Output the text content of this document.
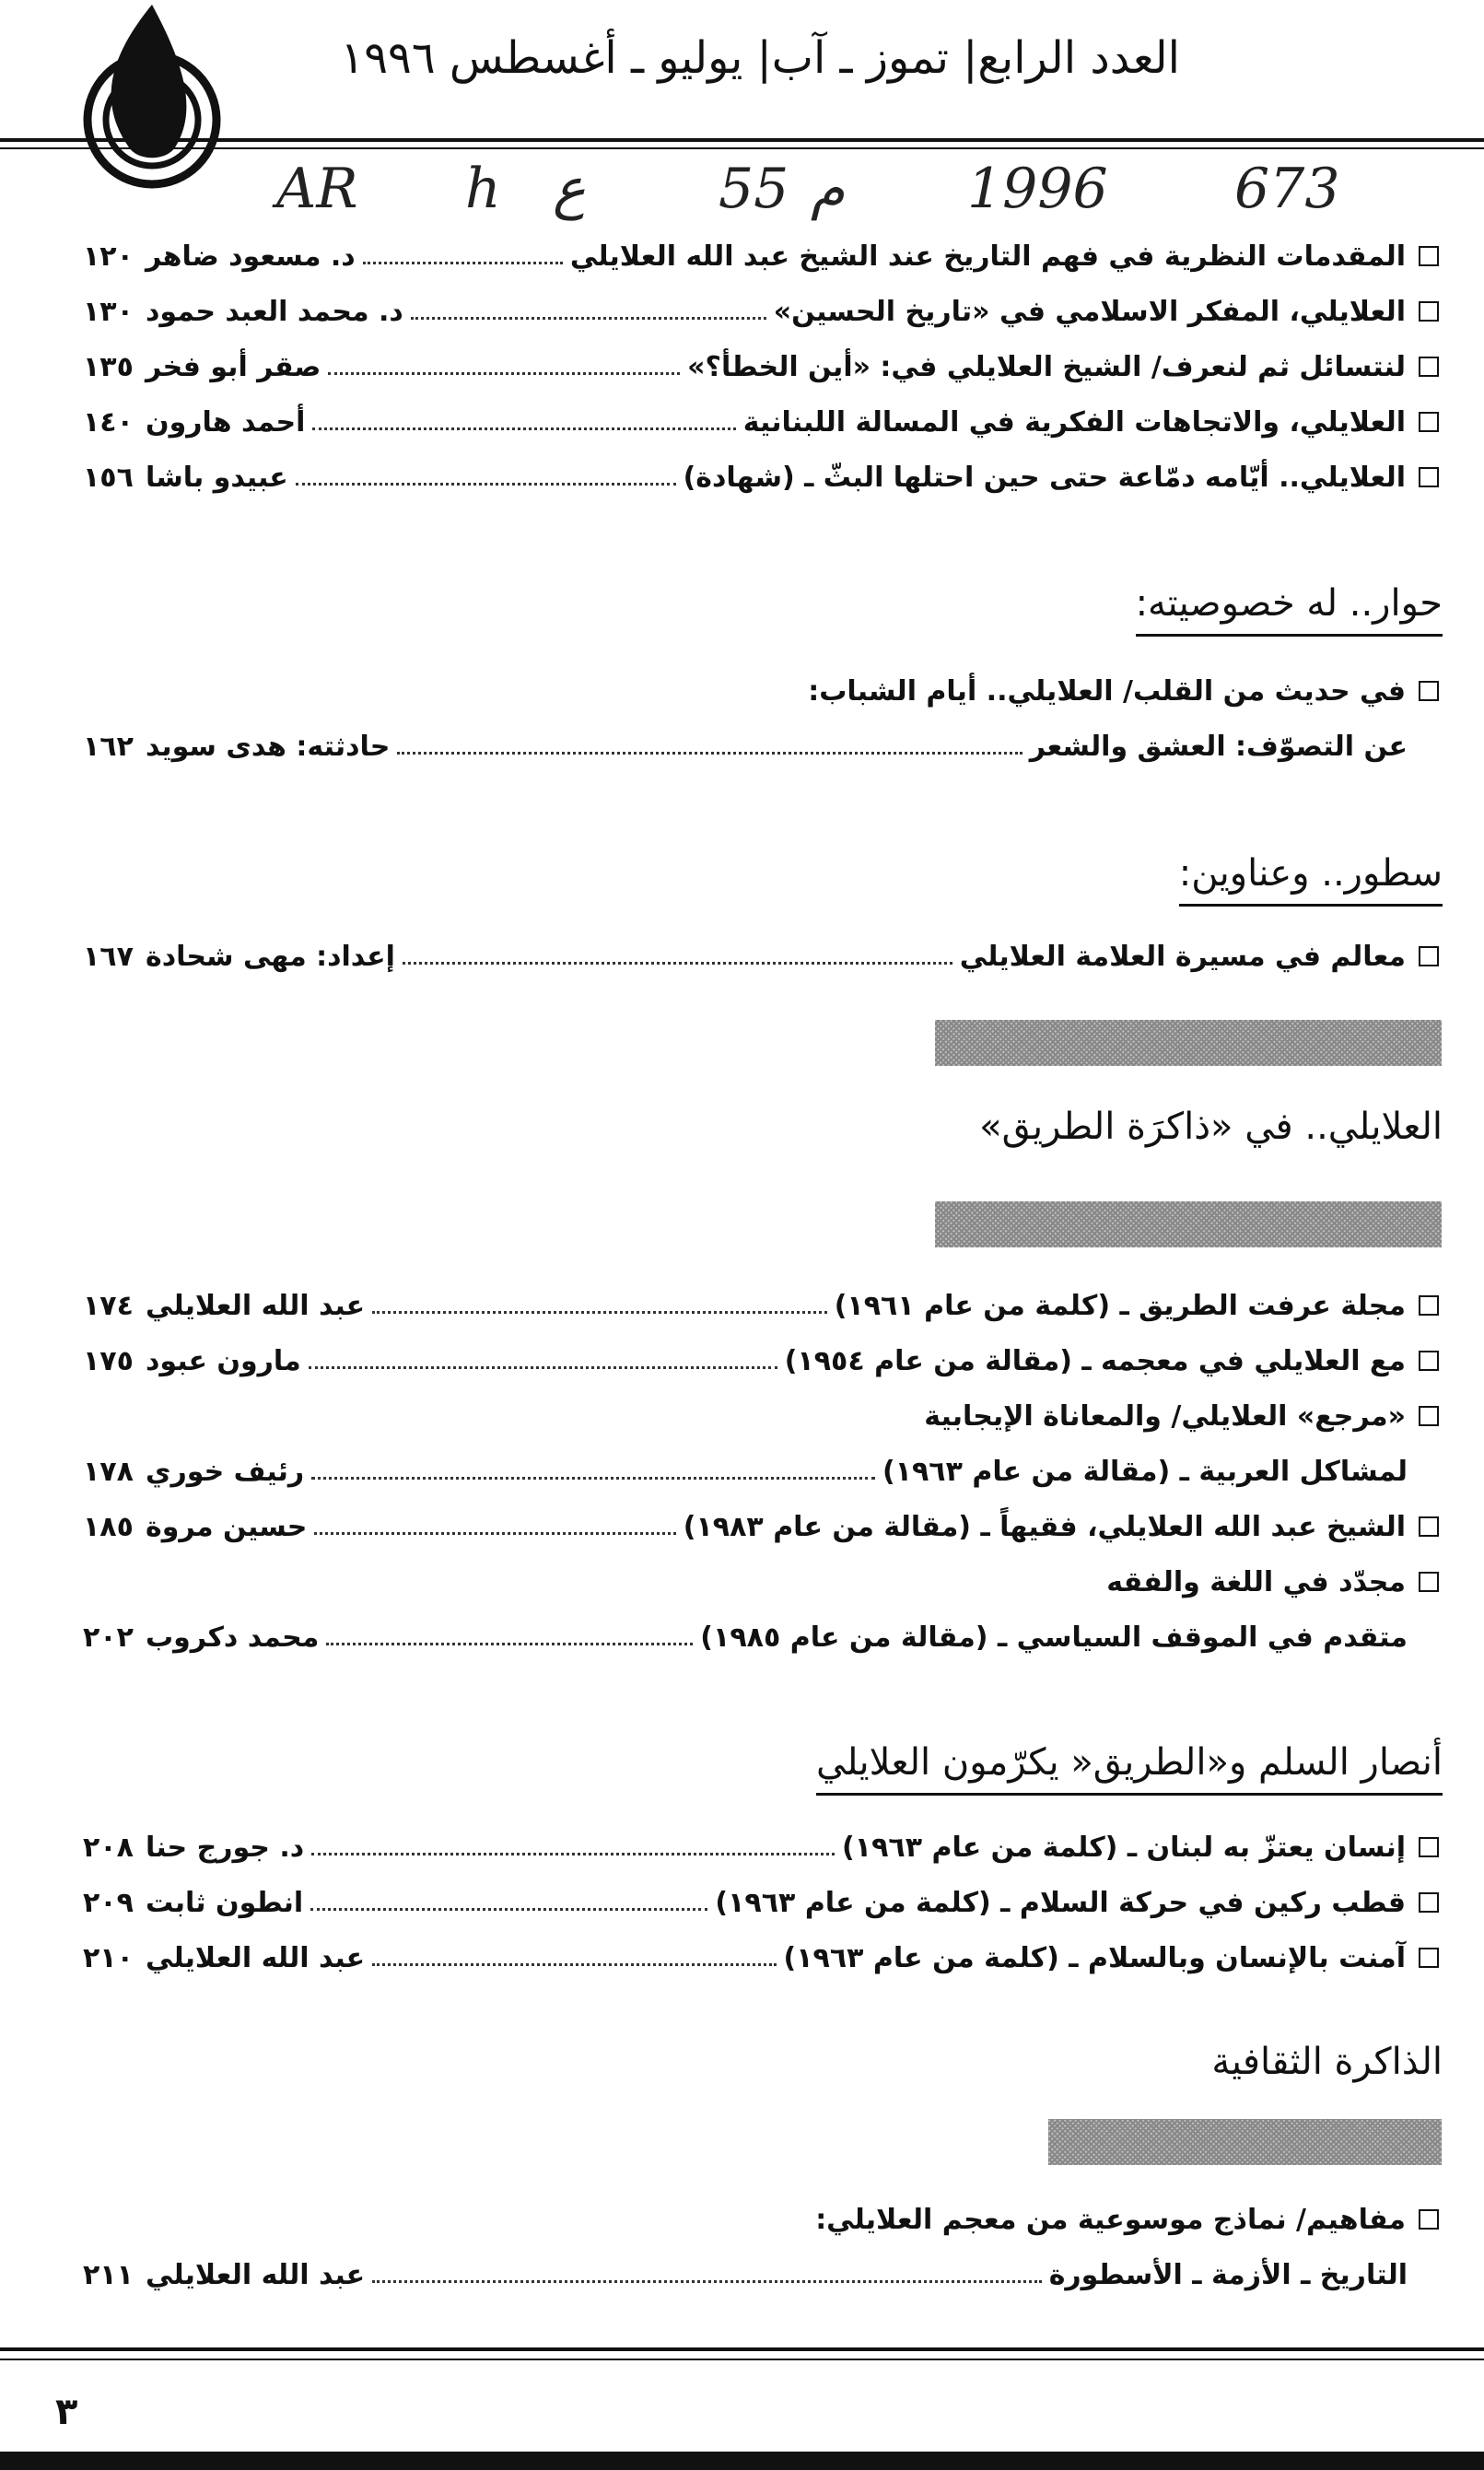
العدد الرابع| تموز ـ آب| يوليو ـ أغسطس ١٩٩٦
AR h ع 55 م 1996 673
المقدمات النظرية في فهم التاريخ عند الشيخ عبد الله العلايلي
د. مسعود ضاهر
١٢٠
العلايلي، المفكر الاسلامي في «تاريخ الحسين»
د. محمد العبد حمود
١٣٠
لنتسائل ثم لنعرف/ الشيخ العلايلي في: «أين الخطأ؟»
صقر أبو فخر
١٣٥
العلايلي، والاتجاهات الفكرية في المسالة اللبنانية
أحمد هارون
١٤٠
العلايلي.. أيّامه دمّاعة حتى حين احتلها البثّ ـ (شهادة)
عبيدو باشا
١٥٦
حوار.. له خصوصيته:
في حديث من القلب/ العلايلي.. أيام الشباب:
عن التصوّف: العشق والشعر
حادثته: هدى سويد
١٦٢
سطور.. وعناوين:
معالم في مسيرة العلامة العلايلي
إعداد: مهى شحادة
١٦٧
العلايلي.. في «ذاكرَة الطريق»
مجلة عرفت الطريق ـ (كلمة من عام ١٩٦١)
عبد الله العلايلي
١٧٤
مع العلايلي في معجمه ـ (مقالة من عام ١٩٥٤)
مارون عبود
١٧٥
«مرجع» العلايلي/ والمعاناة الإيجابية
لمشاكل العربية ـ (مقالة من عام ١٩٦٣)
رئيف خوري
١٧٨
الشيخ عبد الله العلايلي، فقيهاً ـ (مقالة من عام ١٩٨٣)
حسين مروة
١٨٥
مجدّد في اللغة والفقه
متقدم في الموقف السياسي ـ (مقالة من عام ١٩٨٥)
محمد دكروب
٢٠٢
أنصار السلم و«الطريق« يكرّمون العلايلي
إنسان يعتزّ به لبنان ـ (كلمة من عام ١٩٦٣)
د. جورج حنا
٢٠٨
قطب ركين في حركة السلام ـ (كلمة من عام ١٩٦٣)
انطون ثابت
٢٠٩
آمنت بالإنسان وبالسلام ـ (كلمة من عام ١٩٦٣)
عبد الله العلايلي
٢١٠
الذاكرة الثقافية
مفاهيم/ نماذج موسوعية من معجم العلايلي:
التاريخ ـ الأزمة ـ الأسطورة
عبد الله العلايلي
٢١١
٣
